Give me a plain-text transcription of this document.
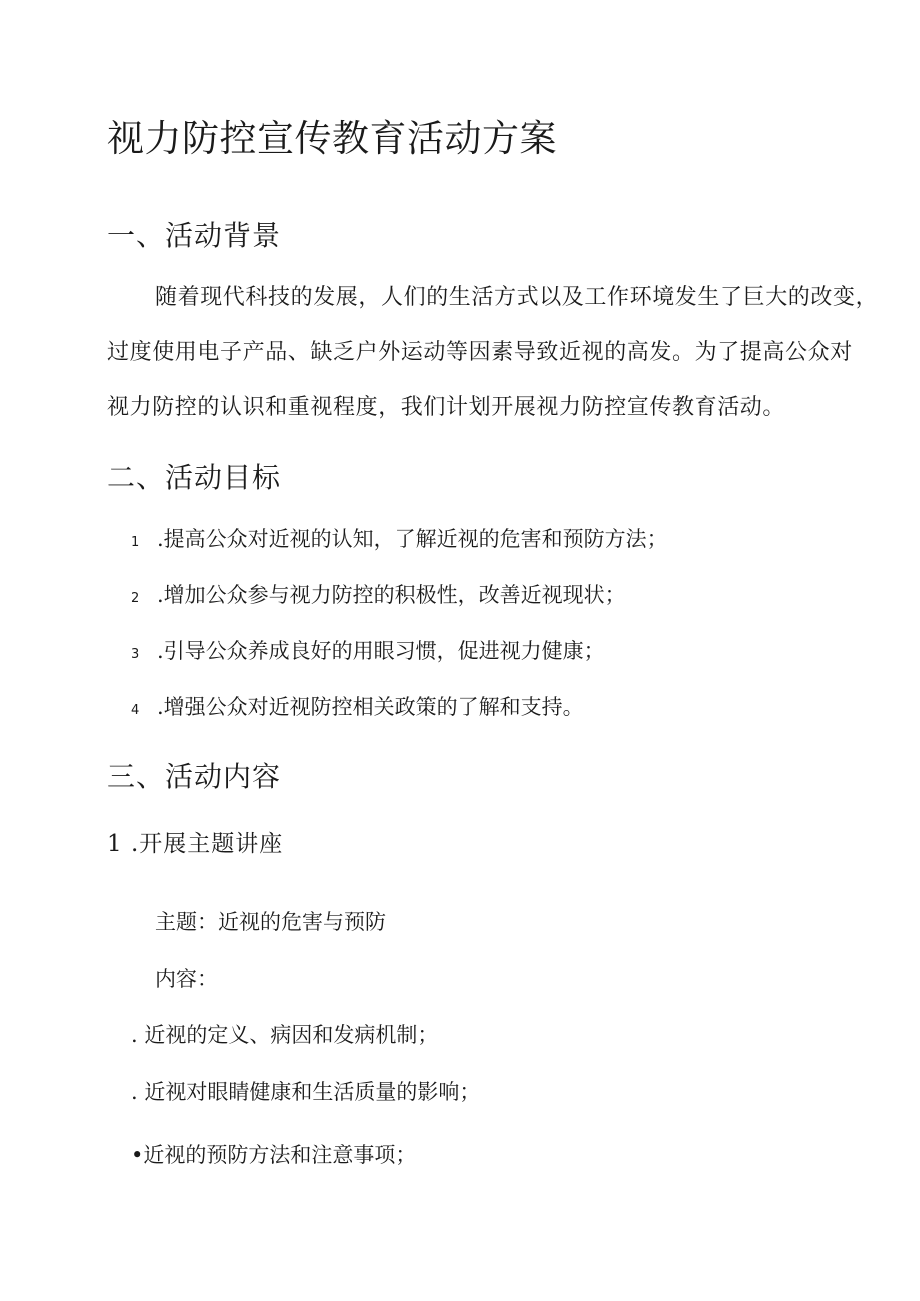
视力防控宣传教育活动方案
一、活动背景
随着现代科技的发展，人们的生活方式以及工作环境发生了巨大的改变，
过度使用电子产品、缺乏户外运动等因素导致近视的高发。为了提高公众对
视力防控的认识和重视程度，我们计划开展视力防控宣传教育活动。
二、活动目标
1 .提高公众对近视的认知，了解近视的危害和预防方法；
2 .增加公众参与视力防控的积极性，改善近视现状；
3 .引导公众养成良好的用眼习惯，促进视力健康；
4 .增强公众对近视防控相关政策的了解和支持。
三、活动内容
1 .开展主题讲座
主题：近视的危害与预防
内容：
. 近视的定义、病因和发病机制；
. 近视对眼睛健康和生活质量的影响；
•近视的预防方法和注意事项；
